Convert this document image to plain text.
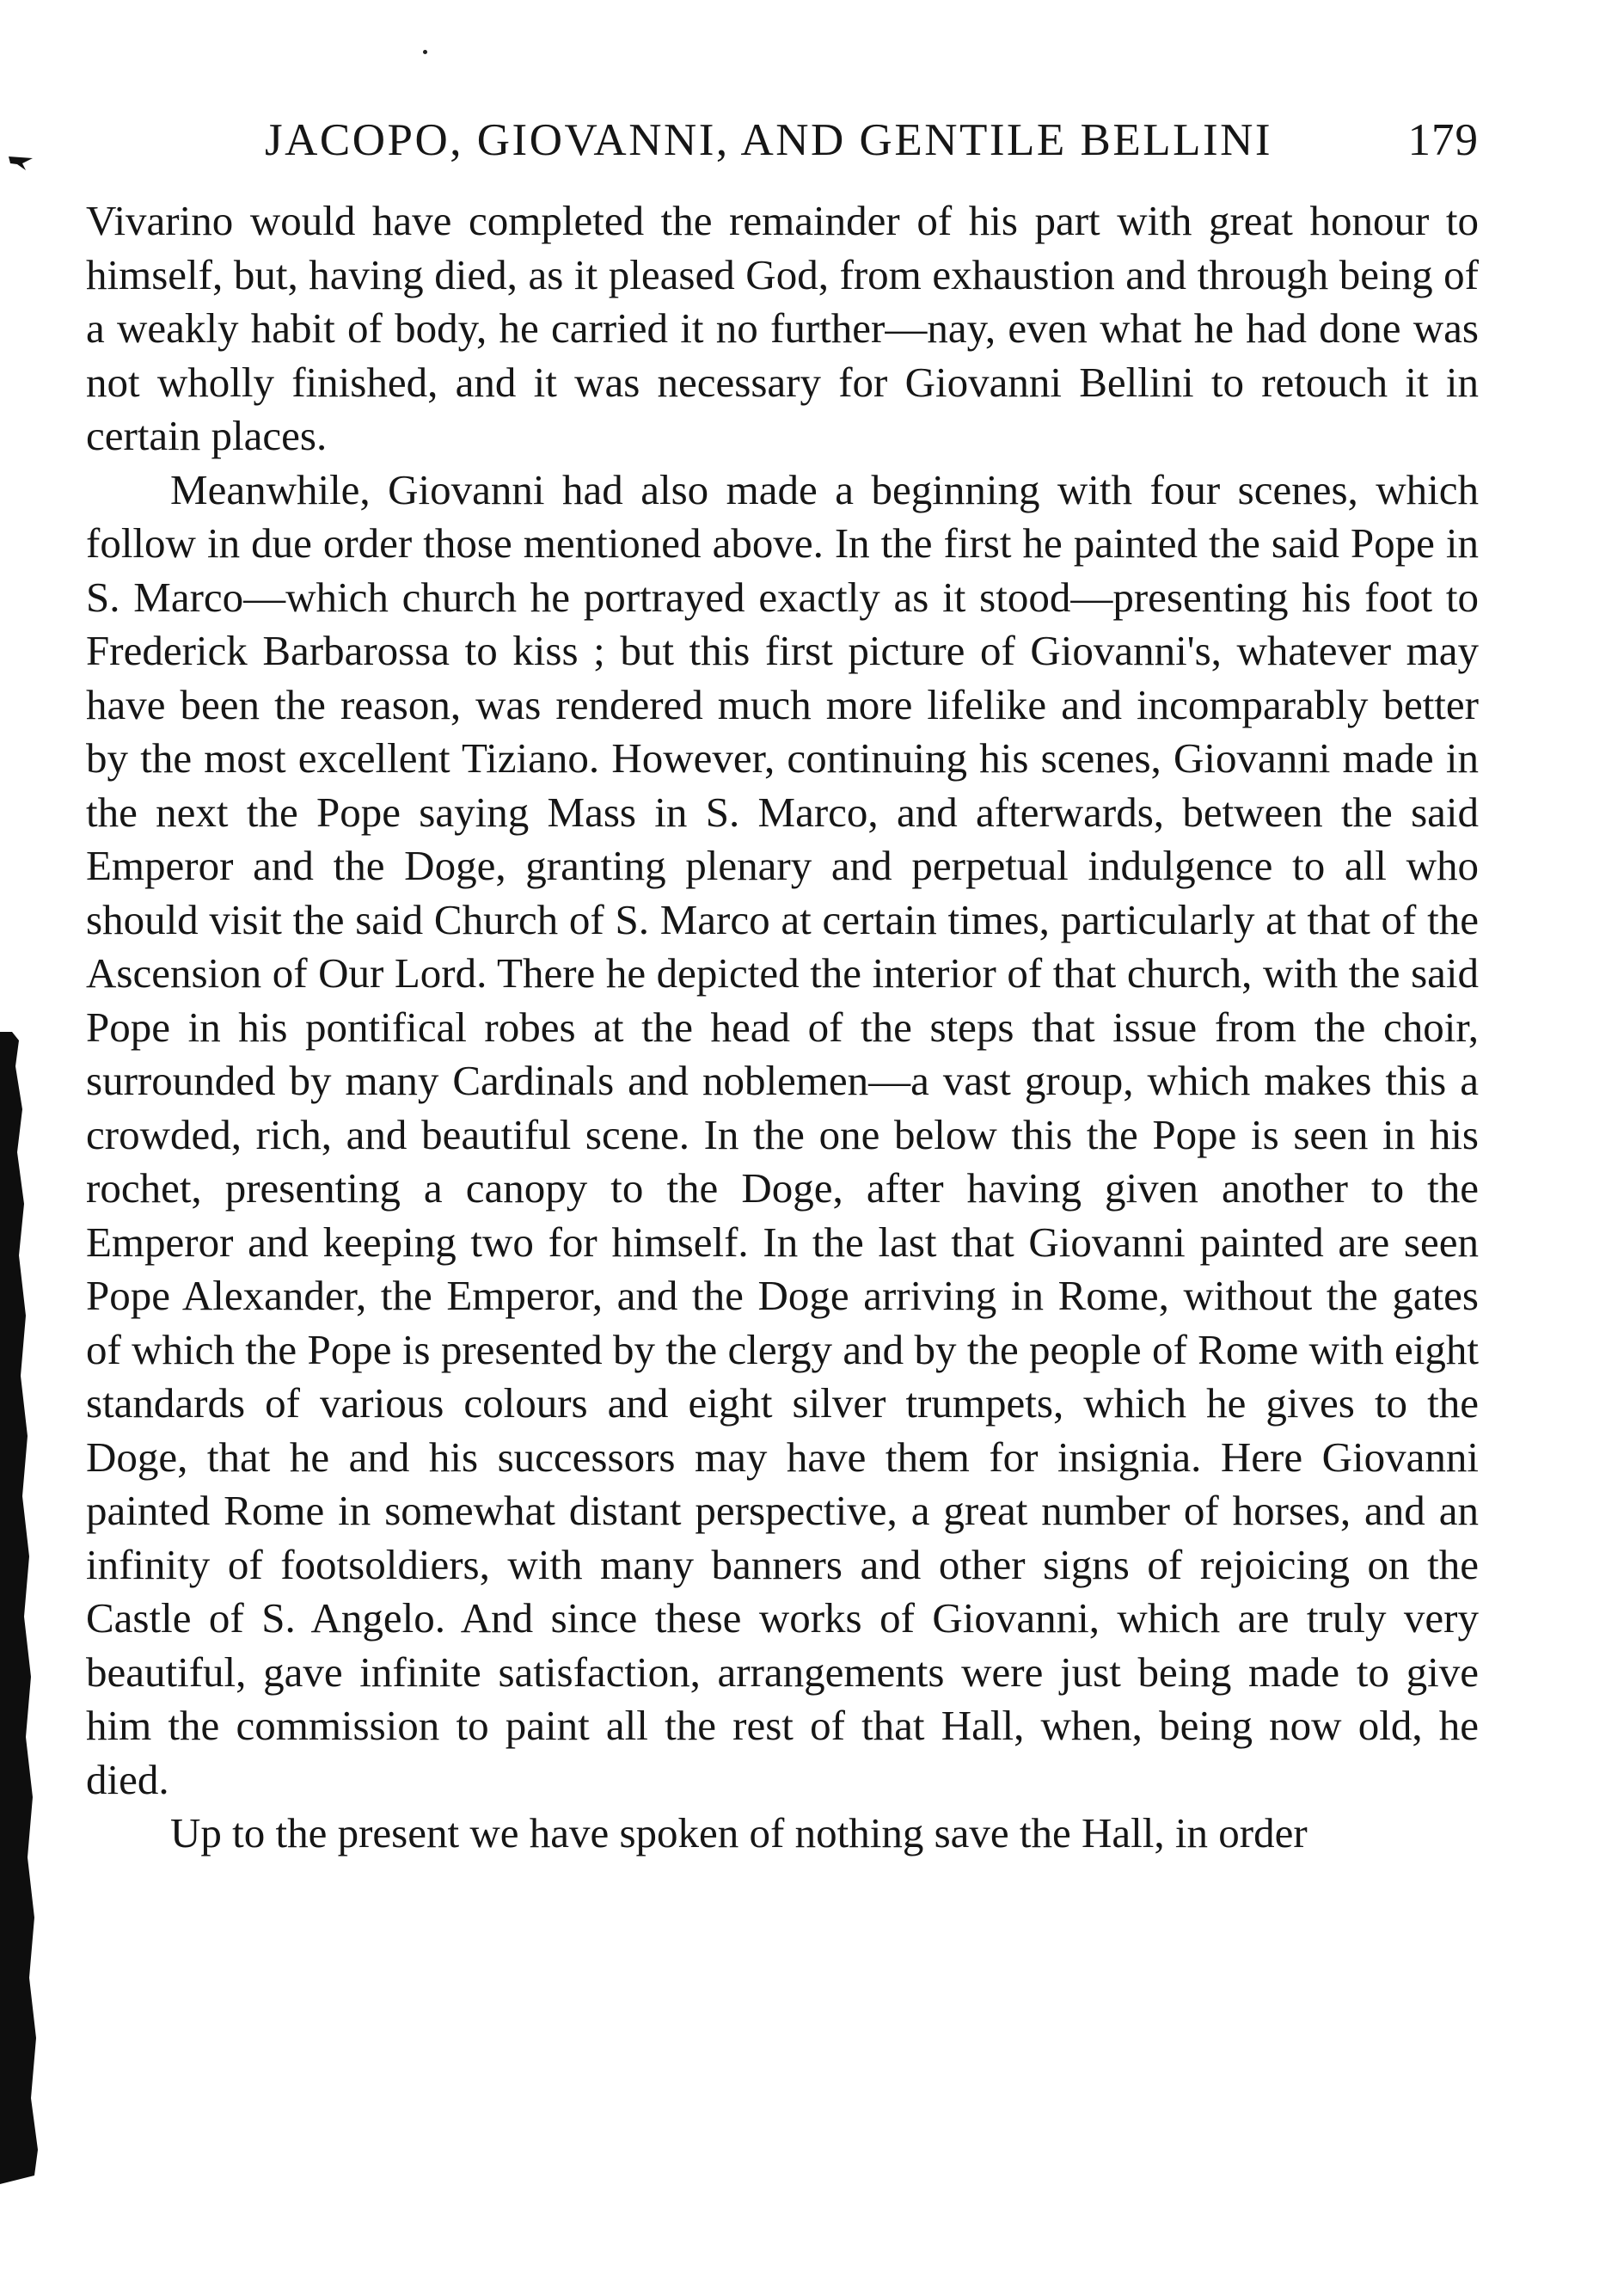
JACOPO, GIOVANNI, AND GENTILE BELLINI	179

Vivarino would have completed the remainder of his part with great honour to himself, but, having died, as it pleased God, from exhaustion and through being of a weakly habit of body, he carried it no further—nay, even what he had done was not wholly finished, and it was necessary for Giovanni Bellini to retouch it in certain places.

Meanwhile, Giovanni had also made a beginning with four scenes, which follow in due order those mentioned above. In the first he painted the said Pope in S. Marco—which church he portrayed exactly as it stood—presenting his foot to Frederick Barbarossa to kiss ; but this first picture of Giovanni's, whatever may have been the reason, was rendered much more lifelike and incomparably better by the most excellent Tiziano. However, continuing his scenes, Giovanni made in the next the Pope saying Mass in S. Marco, and afterwards, between the said Emperor and the Doge, granting plenary and perpetual indulgence to all who should visit the said Church of S. Marco at certain times, particularly at that of the Ascension of Our Lord. There he depicted the interior of that church, with the said Pope in his pontifical robes at the head of the steps that issue from the choir, surrounded by many Cardinals and noblemen—a vast group, which makes this a crowded, rich, and beautiful scene. In the one below this the Pope is seen in his rochet, presenting a canopy to the Doge, after having given another to the Emperor and keeping two for himself. In the last that Giovanni painted are seen Pope Alexander, the Emperor, and the Doge arriving in Rome, without the gates of which the Pope is presented by the clergy and by the people of Rome with eight standards of various colours and eight silver trumpets, which he gives to the Doge, that he and his successors may have them for insignia. Here Giovanni painted Rome in somewhat distant perspective, a great number of horses, and an infinity of footsoldiers, with many banners and other signs of rejoicing on the Castle of S. Angelo. And since these works of Giovanni, which are truly very beautiful, gave infinite satisfaction, arrangements were just being made to give him the commission to paint all the rest of that Hall, when, being now old, he died.

Up to the present we have spoken of nothing save the Hall, in order
